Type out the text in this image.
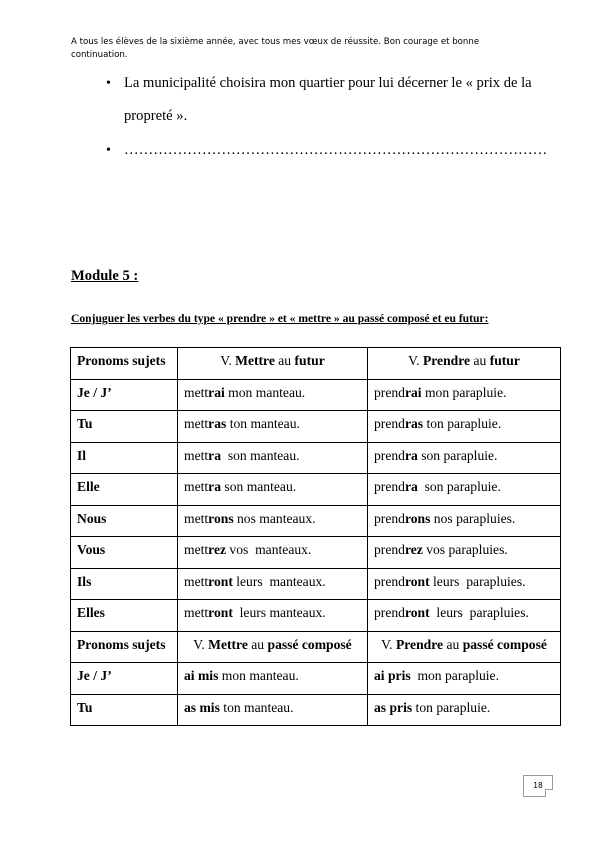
A tous les élèves de la sixième année, avec tous mes vœux de réussite. Bon courage et bonne continuation.
• La municipalité choisira mon quartier pour lui décerner le « prix de la
propreté ».
• ……………………………………………………………………………
Module 5 :
Conjuguer les verbes du type « prendre » et « mettre » au passé composé et eu futur:
Pronoms sujets	V. Mettre au futur	V. Prendre au futur
Je / J’	mettrai mon manteau.	prendrai mon parapluie.
Tu	mettras ton manteau.	prendras ton parapluie.
Il	mettra  son manteau.	prendra son parapluie.
Elle	mettra son manteau.	prendra  son parapluie.
Nous	mettrons nos manteaux.	prendrons nos parapluies.
Vous	mettrez vos  manteaux.	prendrez vos parapluies.
Ils	mettront leurs  manteaux.	prendront leurs  parapluies.
Elles	mettront  leurs manteaux.	prendront  leurs  parapluies.
Pronoms sujets	V. Mettre au passé composé	V. Prendre au passé composé
Je / J’	ai mis mon manteau.	ai pris  mon parapluie.
Tu	as mis ton manteau.	as pris ton parapluie.
18
